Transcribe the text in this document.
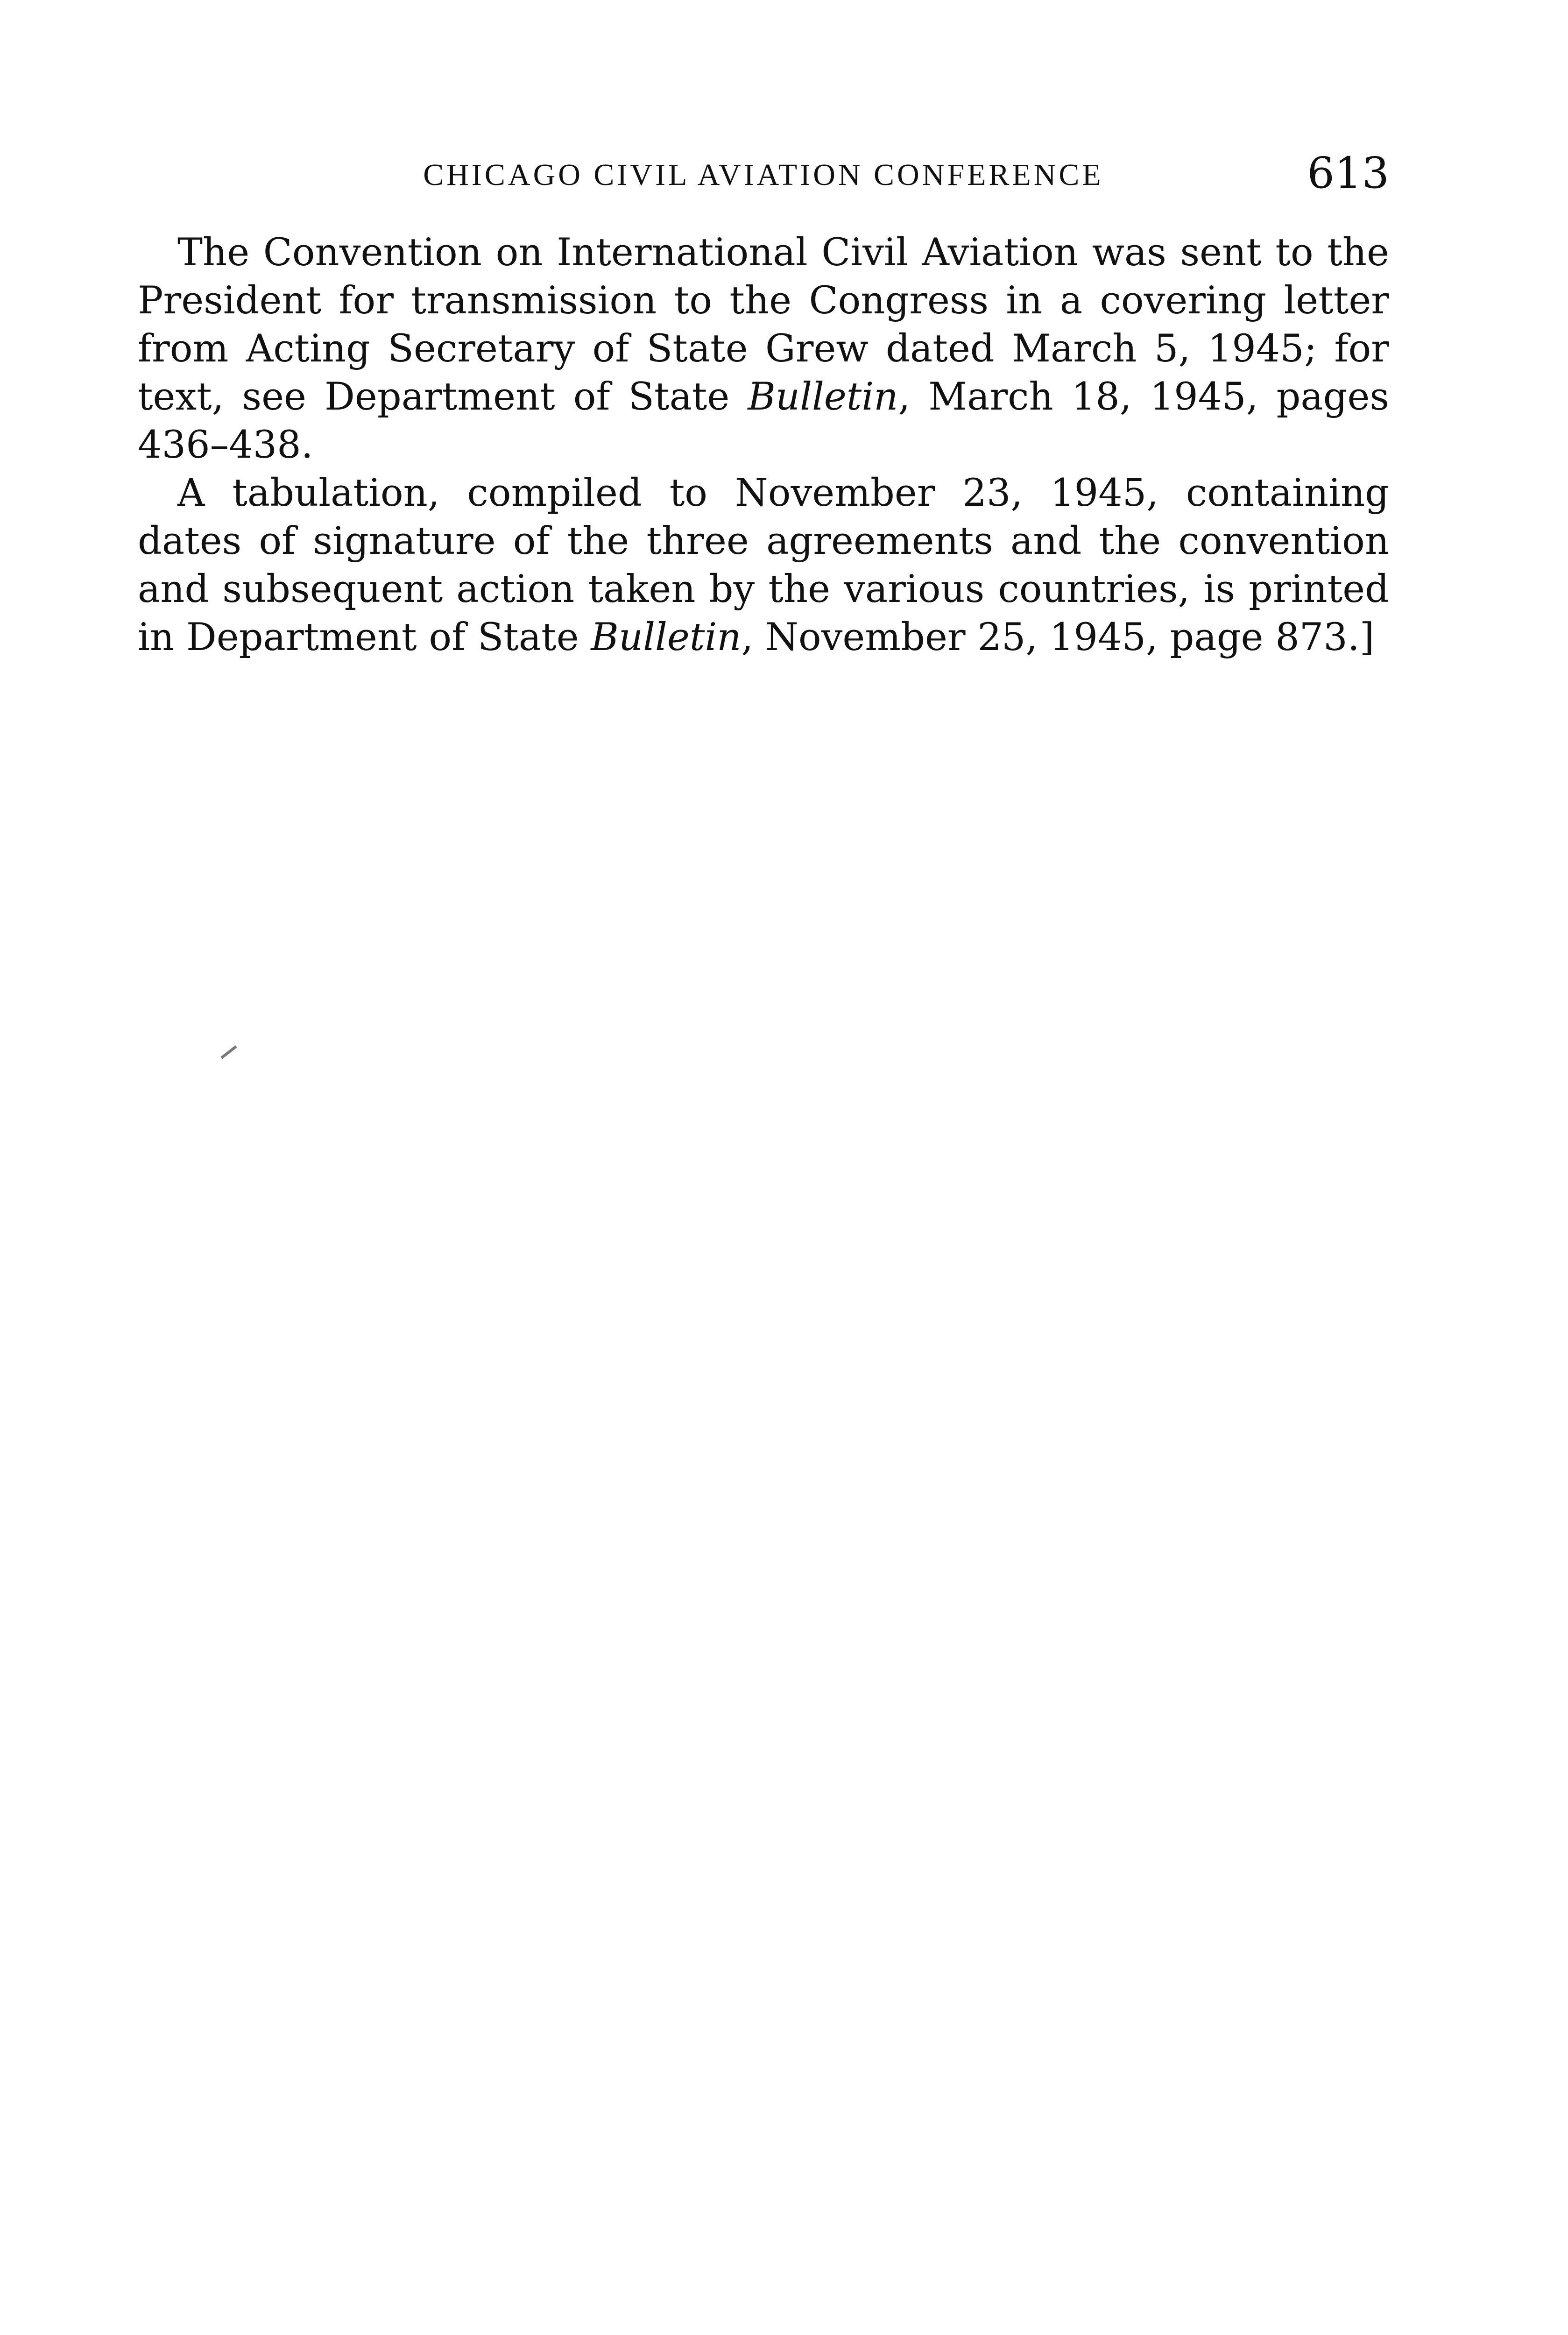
CHICAGO CIVIL AVIATION CONFERENCE	613

The Convention on International Civil Aviation was sent to the President for transmission to the Congress in a covering letter from Acting Secretary of State Grew dated March 5, 1945; for text, see Department of State Bulletin, March 18, 1945, pages 436–438.

A tabulation, compiled to November 23, 1945, containing dates of signature of the three agreements and the convention and subsequent action taken by the various countries, is printed in Department of State Bulletin, November 25, 1945, page 873.]
